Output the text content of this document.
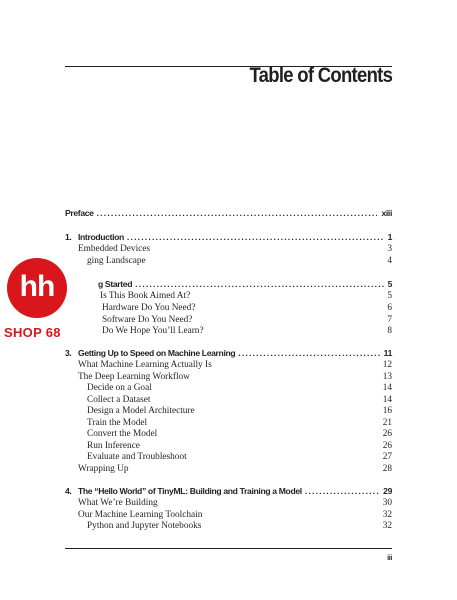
Table of Contents
Preface . . .	xiii
1. Introduction . . .	1
Embedded Devices	3
ging Landscape	4
g Started . . .	5
Is This Book Aimed At?	5
Hardware Do You Need?	6
Software Do You Need?	7
Do We Hope You’ll Learn?	8
3. Getting Up to Speed on Machine Learning . . .	11
What Machine Learning Actually Is	12
The Deep Learning Workflow	13
Decide on a Goal	14
Collect a Dataset	14
Design a Model Architecture	16
Train the Model	21
Convert the Model	26
Run Inference	26
Evaluate and Troubleshoot	27
Wrapping Up	28
4. The “Hello World” of TinyML: Building and Training a Model . . .	29
What We’re Building	30
Our Machine Learning Toolchain	32
Python and Jupyter Notebooks	32
iii
hh
SHOP 68
